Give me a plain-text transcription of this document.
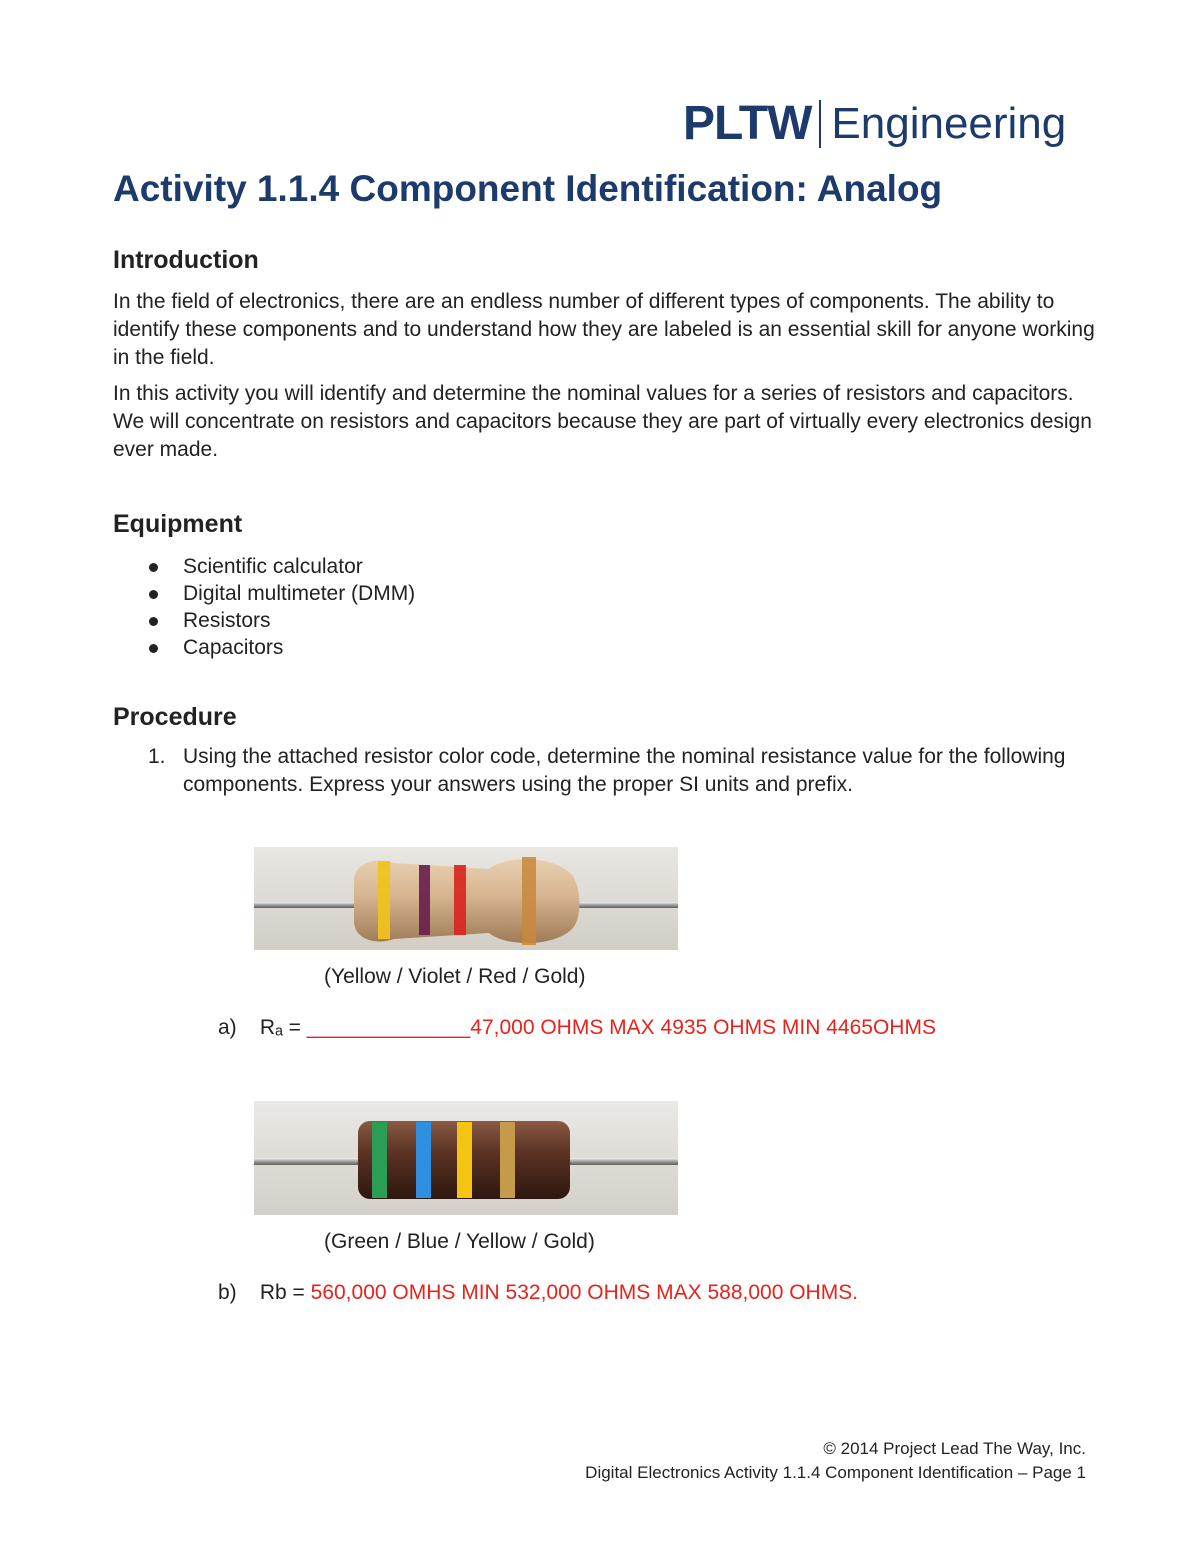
PLTW Engineering
Activity 1.1.4 Component Identification: Analog
Introduction

In the field of electronics, there are an endless number of different types of components. The ability to identify these components and to understand how they are labeled is an essential skill for anyone working in the field.

In this activity you will identify and determine the nominal values for a series of resistors and capacitors. We will concentrate on resistors and capacitors because they are part of virtually every electronics design ever made.

Equipment
Scientific calculator
Digital multimeter (DMM)
Resistors
Capacitors
Procedure
1. Using the attached resistor color code, determine the nominal resistance value for the following components. Express your answers using the proper SI units and prefix.
(Yellow / Violet / Red / Gold)
a) Rₐ = ______________47,000 OHMS MAX 4935 OHMS MIN 4465OHMS
(Green / Blue / Yellow / Gold)
b) Rb = 560,000 OMHS MIN 532,000 OHMS MAX 588,000 OHMS.
© 2014 Project Lead The Way, Inc.
Digital Electronics Activity 1.1.4 Component Identification – Page 1
